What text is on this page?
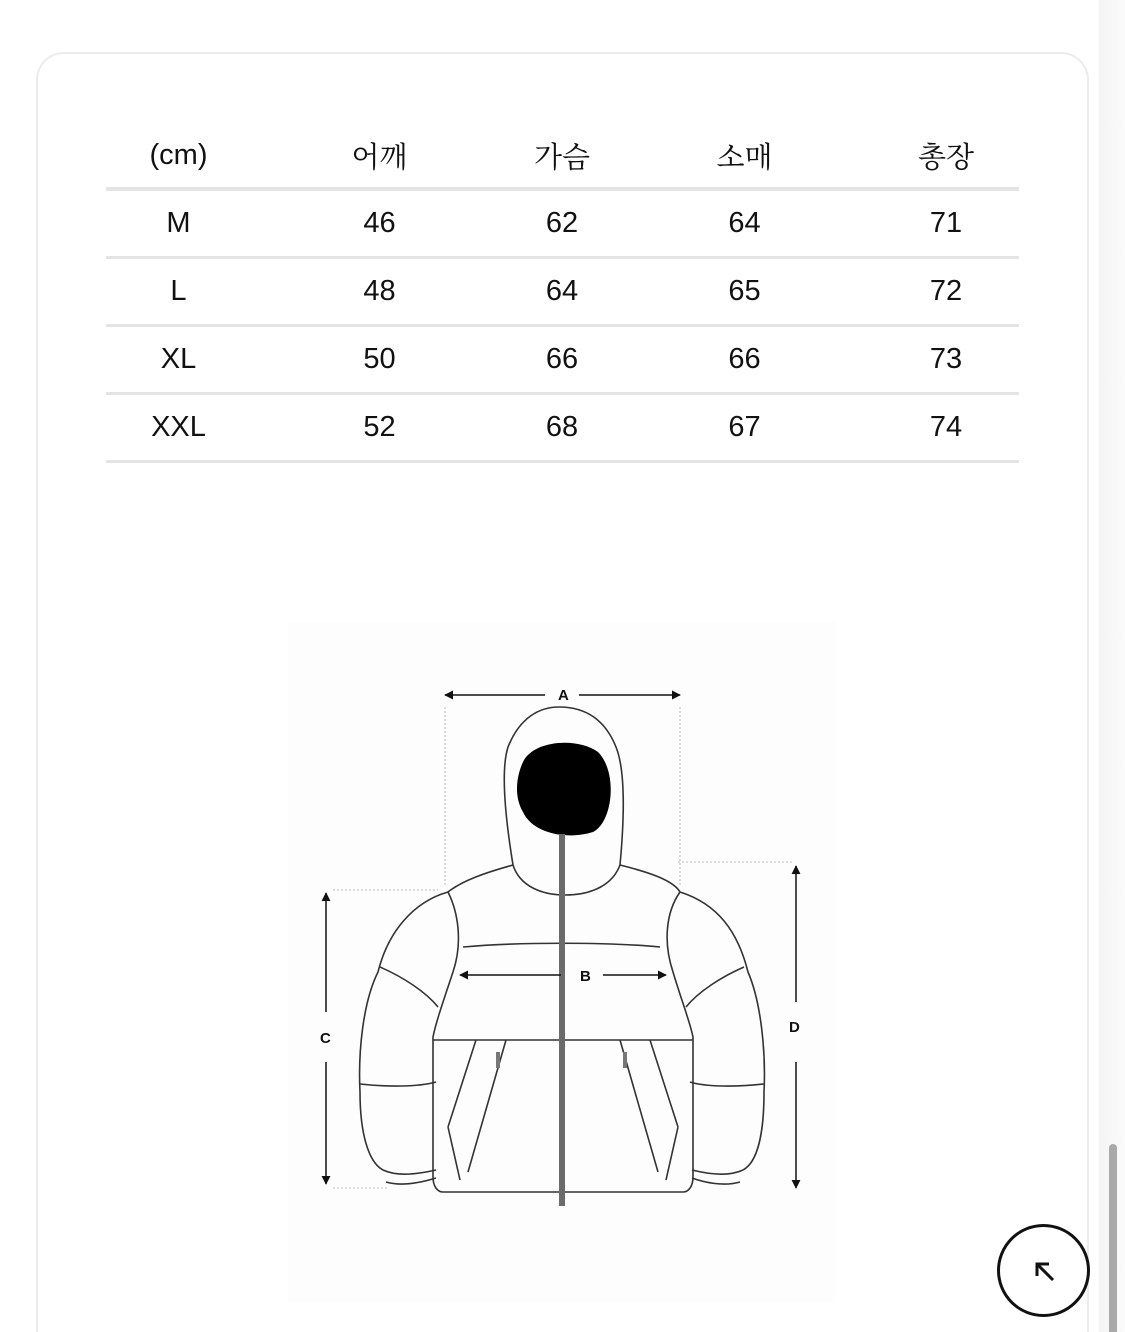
(cm)	어깨	가슴	소매	총장
M	46	62	64	71
L	48	64	65	72
XL	50	66	66	73
XXL	52	68	67	74
A
C
D
B
